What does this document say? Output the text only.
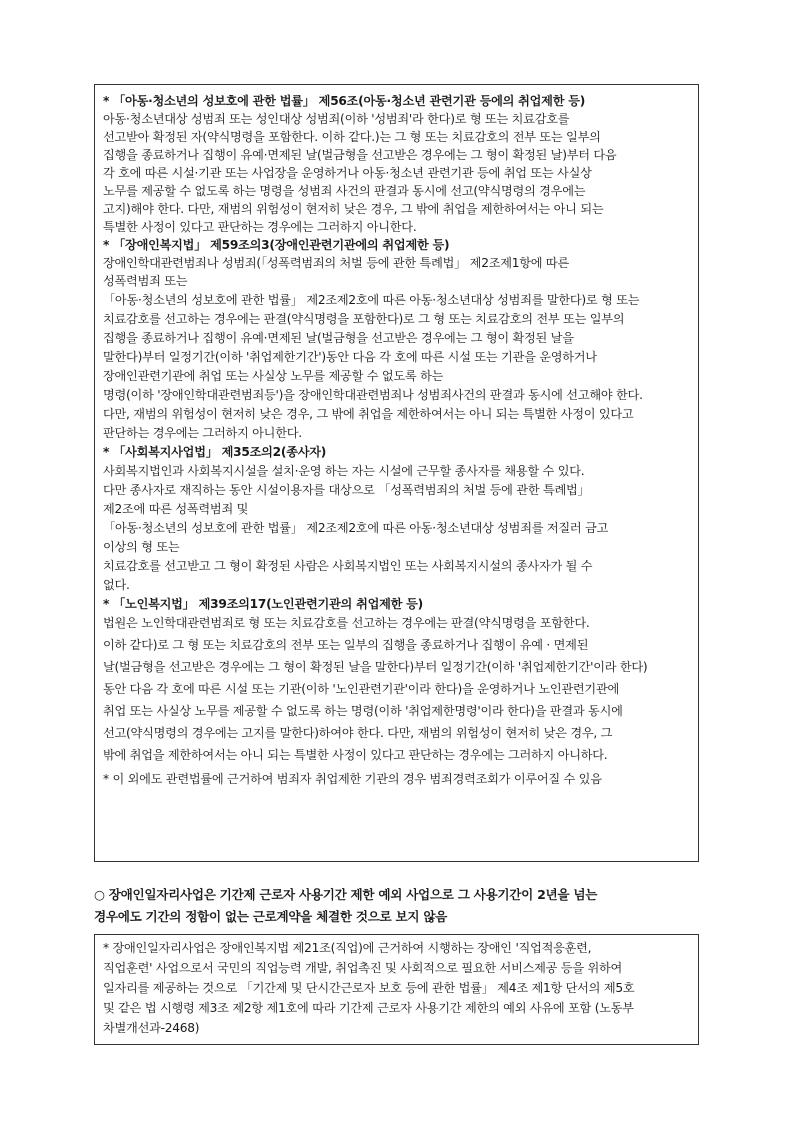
* 「아동·청소년의 성보호에 관한 법률」 제56조(아동·청소년 관련기관 등에의 취업제한 등)
아동·청소년대상 성범죄 또는 성인대상 성범죄(이하 '성범죄'라 한다)로 형 또는 치료감호를
선고받아 확정된 자(약식명령을 포함한다. 이하 같다.)는 그 형 또는 치료감호의 전부 또는 일부의
집행을 종료하거나 집행이 유예·면제된 날(벌금형을 선고받은 경우에는 그 형이 확정된 날)부터 다음
각 호에 따른 시설·기관 또는 사업장을 운영하거나 아동·청소년 관련기관 등에 취업 또는 사실상
노무를 제공할 수 없도록 하는 명령을 성범죄 사건의 판결과 동시에 선고(약식명령의 경우에는
고지)해야 한다. 다만, 재범의 위험성이 현저히 낮은 경우, 그 밖에 취업을 제한하여서는 아니 되는
특별한 사정이 있다고 판단하는 경우에는 그러하지 아니한다.
* 「장애인복지법」 제59조의3(장애인관련기관에의 취업제한 등)
장애인학대관련범죄나 성범죄(「성폭력범죄의 처벌 등에 관한 특례법」 제2조제1항에 따른
성폭력범죄 또는
「아동·청소년의 성보호에 관한 법률」 제2조제2호에 따른 아동·청소년대상 성범죄를 말한다)로 형 또는
치료감호를 선고하는 경우에는 판결(약식명령을 포함한다)로 그 형 또는 치료감호의 전부 또는 일부의
집행을 종료하거나 집행이 유예·면제된 날(벌금형을 선고받은 경우에는 그 형이 확정된 날을
말한다)부터 일정기간(이하 '취업제한기간')동안 다음 각 호에 따른 시설 또는 기관을 운영하거나
장애인관련기관에 취업 또는 사실상 노무를 제공할 수 없도록 하는
명령(이하 '장애인학대관련범죄등')을 장애인학대관련범죄나 성범죄사건의 판결과 동시에 선고해야 한다.
다만, 재범의 위험성이 현저히 낮은 경우, 그 밖에 취업을 제한하여서는 아니 되는 특별한 사정이 있다고
판단하는 경우에는 그러하지 아니한다.
* 「사회복지사업법」 제35조의2(종사자)
사회복지법인과 사회복지시설을 설치·운영 하는 자는 시설에 근무할 종사자를 채용할 수 있다.
다만 종사자로 재직하는 동안 시설이용자를 대상으로 「성폭력범죄의 처벌 등에 관한 특례법」
제2조에 따른 성폭력범죄 및
「아동·청소년의 성보호에 관한 법률」 제2조제2호에 따른 아동·청소년대상 성범죄를 저질러 금고
이상의 형 또는
치료감호를 선고받고 그 형이 확정된 사람은 사회복지법인 또는 사회복지시설의 종사자가 될 수
없다.
* 「노인복지법」 제39조의17(노인관련기관의 취업제한 등)
법원은 노인학대관련범죄로 형 또는 치료감호를 선고하는 경우에는 판결(약식명령을 포함한다.
이하 같다)로 그 형 또는 치료감호의 전부 또는 일부의 집행을 종료하거나 집행이 유예 · 면제된
날(벌금형을 선고받은 경우에는 그 형이 확정된 날을 말한다)부터 일정기간(이하 '취업제한기간'이라 한다)
동안 다음 각 호에 따른 시설 또는 기관(이하 '노인관련기관'이라 한다)을 운영하거나 노인관련기관에
취업 또는 사실상 노무를 제공할 수 없도록 하는 명령(이하 '취업제한명령'이라 한다)을 판결과 동시에
선고(약식명령의 경우에는 고지를 말한다)하여야 한다. 다만, 재범의 위험성이 현저히 낮은 경우, 그
밖에 취업을 제한하여서는 아니 되는 특별한 사정이 있다고 판단하는 경우에는 그러하지 아니하다.
* 이 외에도 관련법률에 근거하여 범죄자 취업제한 기관의 경우 범죄경력조회가 이루어질 수 있음
○ 장애인일자리사업은 기간제 근로자 사용기간 제한 예외 사업으로 그 사용기간이 2년을 넘는
경우에도 기간의 정함이 없는 근로계약을 체결한 것으로 보지 않음
* 장애인일자리사업은 장애인복지법 제21조(직업)에 근거하여 시행하는 장애인 '직업적응훈련,
직업훈련' 사업으로서 국민의 직업능력 개발, 취업촉진 및 사회적으로 필요한 서비스제공 등을 위하여
일자리를 제공하는 것으로 「기간제 및 단시간근로자 보호 등에 관한 법률」 제4조 제1항 단서의 제5호
및 같은 법 시행령 제3조 제2항 제1호에 따라 기간제 근로자 사용기간 제한의 예외 사유에 포함 (노동부
차별개선과-2468)
